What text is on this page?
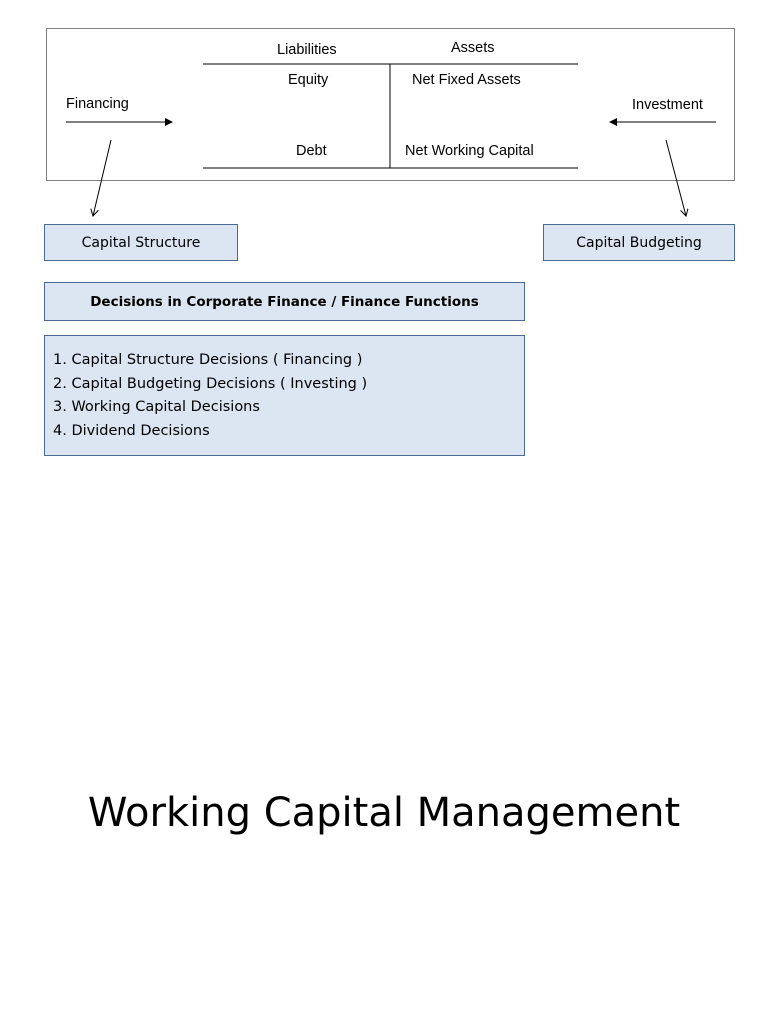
Liabilities	Assets
Equity	Net Fixed Assets
Financing	Investment
Debt	Net Working Capital
Capital Structure	Capital Budgeting
Decisions in Corporate Finance / Finance Functions
1. Capital Structure Decisions ( Financing )
2. Capital Budgeting Decisions ( Investing )
3. Working Capital Decisions
4. Dividend Decisions
Working Capital Management
